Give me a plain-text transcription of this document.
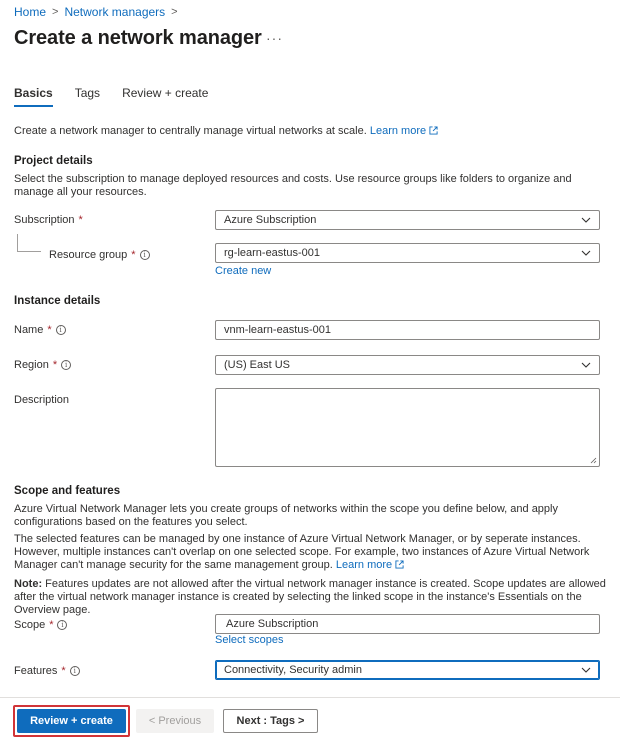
Home > Network managers >
Create a network manager ···
Basics Tags Review + create
Create a network manager to centrally manage virtual networks at scale. Learn more
Project details
Select the subscription to manage deployed resources and costs. Use resource groups like folders to organize and manage all your resources.
Subscription *	Azure Subscription
Resource group *	i	rg-learn-eastus-001
Create new
Instance details
Name *	i	vnm-learn-eastus-001
Region *	i	(US) East US
Description
Scope and features
Azure Virtual Network Manager lets you create groups of networks within the scope you define below, and apply configurations based on the features you select.
The selected features can be managed by one instance of Azure Virtual Network Manager, or by seperate instances. However, multiple instances can't overlap on one selected scope. For example, two instances of Azure Virtual Network Manager can't manage security for the same management group. Learn more
Note: Features updates are not allowed after the virtual network manager instance is created. Scope updates are allowed after the virtual network manager instance is created by selecting the linked scope in the instance's Essentials on the Overview page.
Scope *	i	Azure Subscription
Select scopes
Features *	i	Connectivity, Security admin
Review + create	< Previous	Next : Tags >
